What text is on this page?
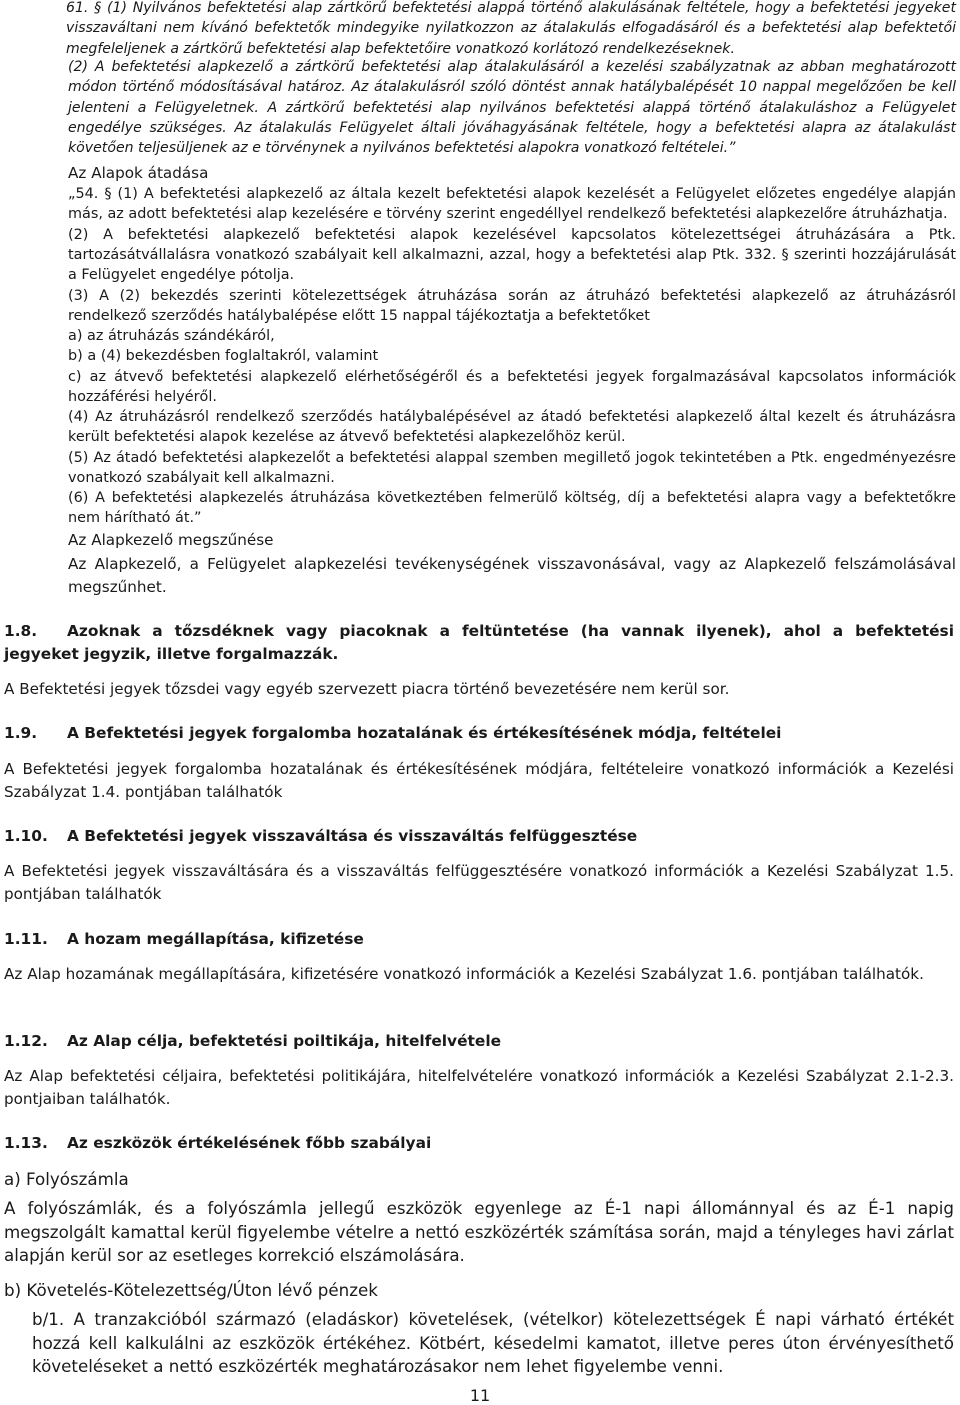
61. § (1) Nyilvános befektetési alap zártkörű befektetési alappá történő alakulásának feltétele, hogy a befektetési jegyeket visszaváltani nem kívánó befektetők mindegyike nyilatkozzon az átalakulás elfogadásáról és a befektetési alap befektetői megfeleljenek a zártkörű befektetési alap befektetőire vonatkozó korlátozó rendelkezéseknek.

(2) A befektetési alapkezelő a zártkörű befektetési alap átalakulásáról a kezelési szabályzatnak az abban meghatározott módon történő módosításával határoz. Az átalakulásról szóló döntést annak hatálybalépését 10 nappal megelőzően be kell jelenteni a Felügyeletnek. A zártkörű befektetési alap nyilvános befektetési alappá történő átalakuláshoz a Felügyelet engedélye szükséges. Az átalakulás Felügyelet általi jóváhagyásának feltétele, hogy a befektetési alapra az átalakulást követően teljesüljenek az e törvénynek a nyilvános befektetési alapokra vonatkozó feltételei.”

Az Alapok átadása

„54. § (1) A befektetési alapkezelő az általa kezelt befektetési alapok kezelését a Felügyelet előzetes engedélye alapján más, az adott befektetési alap kezelésére e törvény szerint engedéllyel rendelkező befektetési alapkezelőre átruházhatja.

(2) A befektetési alapkezelő befektetési alapok kezelésével kapcsolatos kötelezettségei átruházására a Ptk. tartozásátvállalásra vonatkozó szabályait kell alkalmazni, azzal, hogy a befektetési alap Ptk. 332. § szerinti hozzájárulását a Felügyelet engedélye pótolja.

(3) A (2) bekezdés szerinti kötelezettségek átruházása során az átruházó befektetési alapkezelő az átruházásról rendelkező szerződés hatálybalépése előtt 15 nappal tájékoztatja a befektetőket

a) az átruházás szándékáról,

b) a (4) bekezdésben foglaltakról, valamint

c) az átvevő befektetési alapkezelő elérhetőségéről és a befektetési jegyek forgalmazásával kapcsolatos információk hozzáférési helyéről.

(4) Az átruházásról rendelkező szerződés hatálybalépésével az átadó befektetési alapkezelő által kezelt és átruházásra került befektetési alapok kezelése az átvevő befektetési alapkezelőhöz kerül.

(5) Az átadó befektetési alapkezelőt a befektetési alappal szemben megillető jogok tekintetében a Ptk. engedményezésre vonatkozó szabályait kell alkalmazni.

(6) A befektetési alapkezelés átruházása következtében felmerülő költség, díj a befektetési alapra vagy a befektetőkre nem hárítható át.”

Az Alapkezelő megszűnése

Az Alapkezelő, a Felügyelet alapkezelési tevékenységének visszavonásával, vagy az Alapkezelő felszámolásával megszűnhet.

1.8. Azoknak a tőzsdéknek vagy piacoknak a feltüntetése (ha vannak ilyenek), ahol a befektetési jegyeket jegyzik, illetve forgalmazzák.

A Befektetési jegyek tőzsdei vagy egyéb szervezett piacra történő bevezetésére nem kerül sor.

1.9. A Befektetési jegyek forgalomba hozatalának és értékesítésének módja, feltételei

A Befektetési jegyek forgalomba hozatalának és értékesítésének módjára, feltételeire vonatkozó információk a Kezelési Szabályzat 1.4. pontjában találhatók

1.10. A Befektetési jegyek visszaváltása és visszaváltás felfüggesztése

A Befektetési jegyek visszaváltására és a visszaváltás felfüggesztésére vonatkozó információk a Kezelési Szabályzat 1.5. pontjában találhatók

1.11. A hozam megállapítása, kifizetése

Az Alap hozamának megállapítására, kifizetésére vonatkozó információk a Kezelési Szabályzat 1.6. pontjában találhatók.

1.12. Az Alap célja, befektetési poiltikája, hitelfelvétele

Az Alap befektetési céljaira, befektetési politikájára, hitelfelvételére vonatkozó információk a Kezelési Szabályzat 2.1-2.3. pontjaiban találhatók.

1.13. Az eszközök értékelésének főbb szabályai

a) Folyószámla

A folyószámlák, és a folyószámla jellegű eszközök egyenlege az É-1 napi állománnyal és az É-1 napig megszolgált kamattal kerül figyelembe vételre a nettó eszközérték számítása során, majd a tényleges havi zárlat alapján kerül sor az esetleges korrekció elszámolására.

b) Követelés-Kötelezettség/Úton lévő pénzek

b/1. A tranzakcióból származó (eladáskor) követelések, (vételkor) kötelezettségek É napi várható értékét hozzá kell kalkulálni az eszközök értékéhez. Kötbért, késedelmi kamatot, illetve peres úton érvényesíthető követeléseket a nettó eszközérték meghatározásakor nem lehet figyelembe venni.

11
